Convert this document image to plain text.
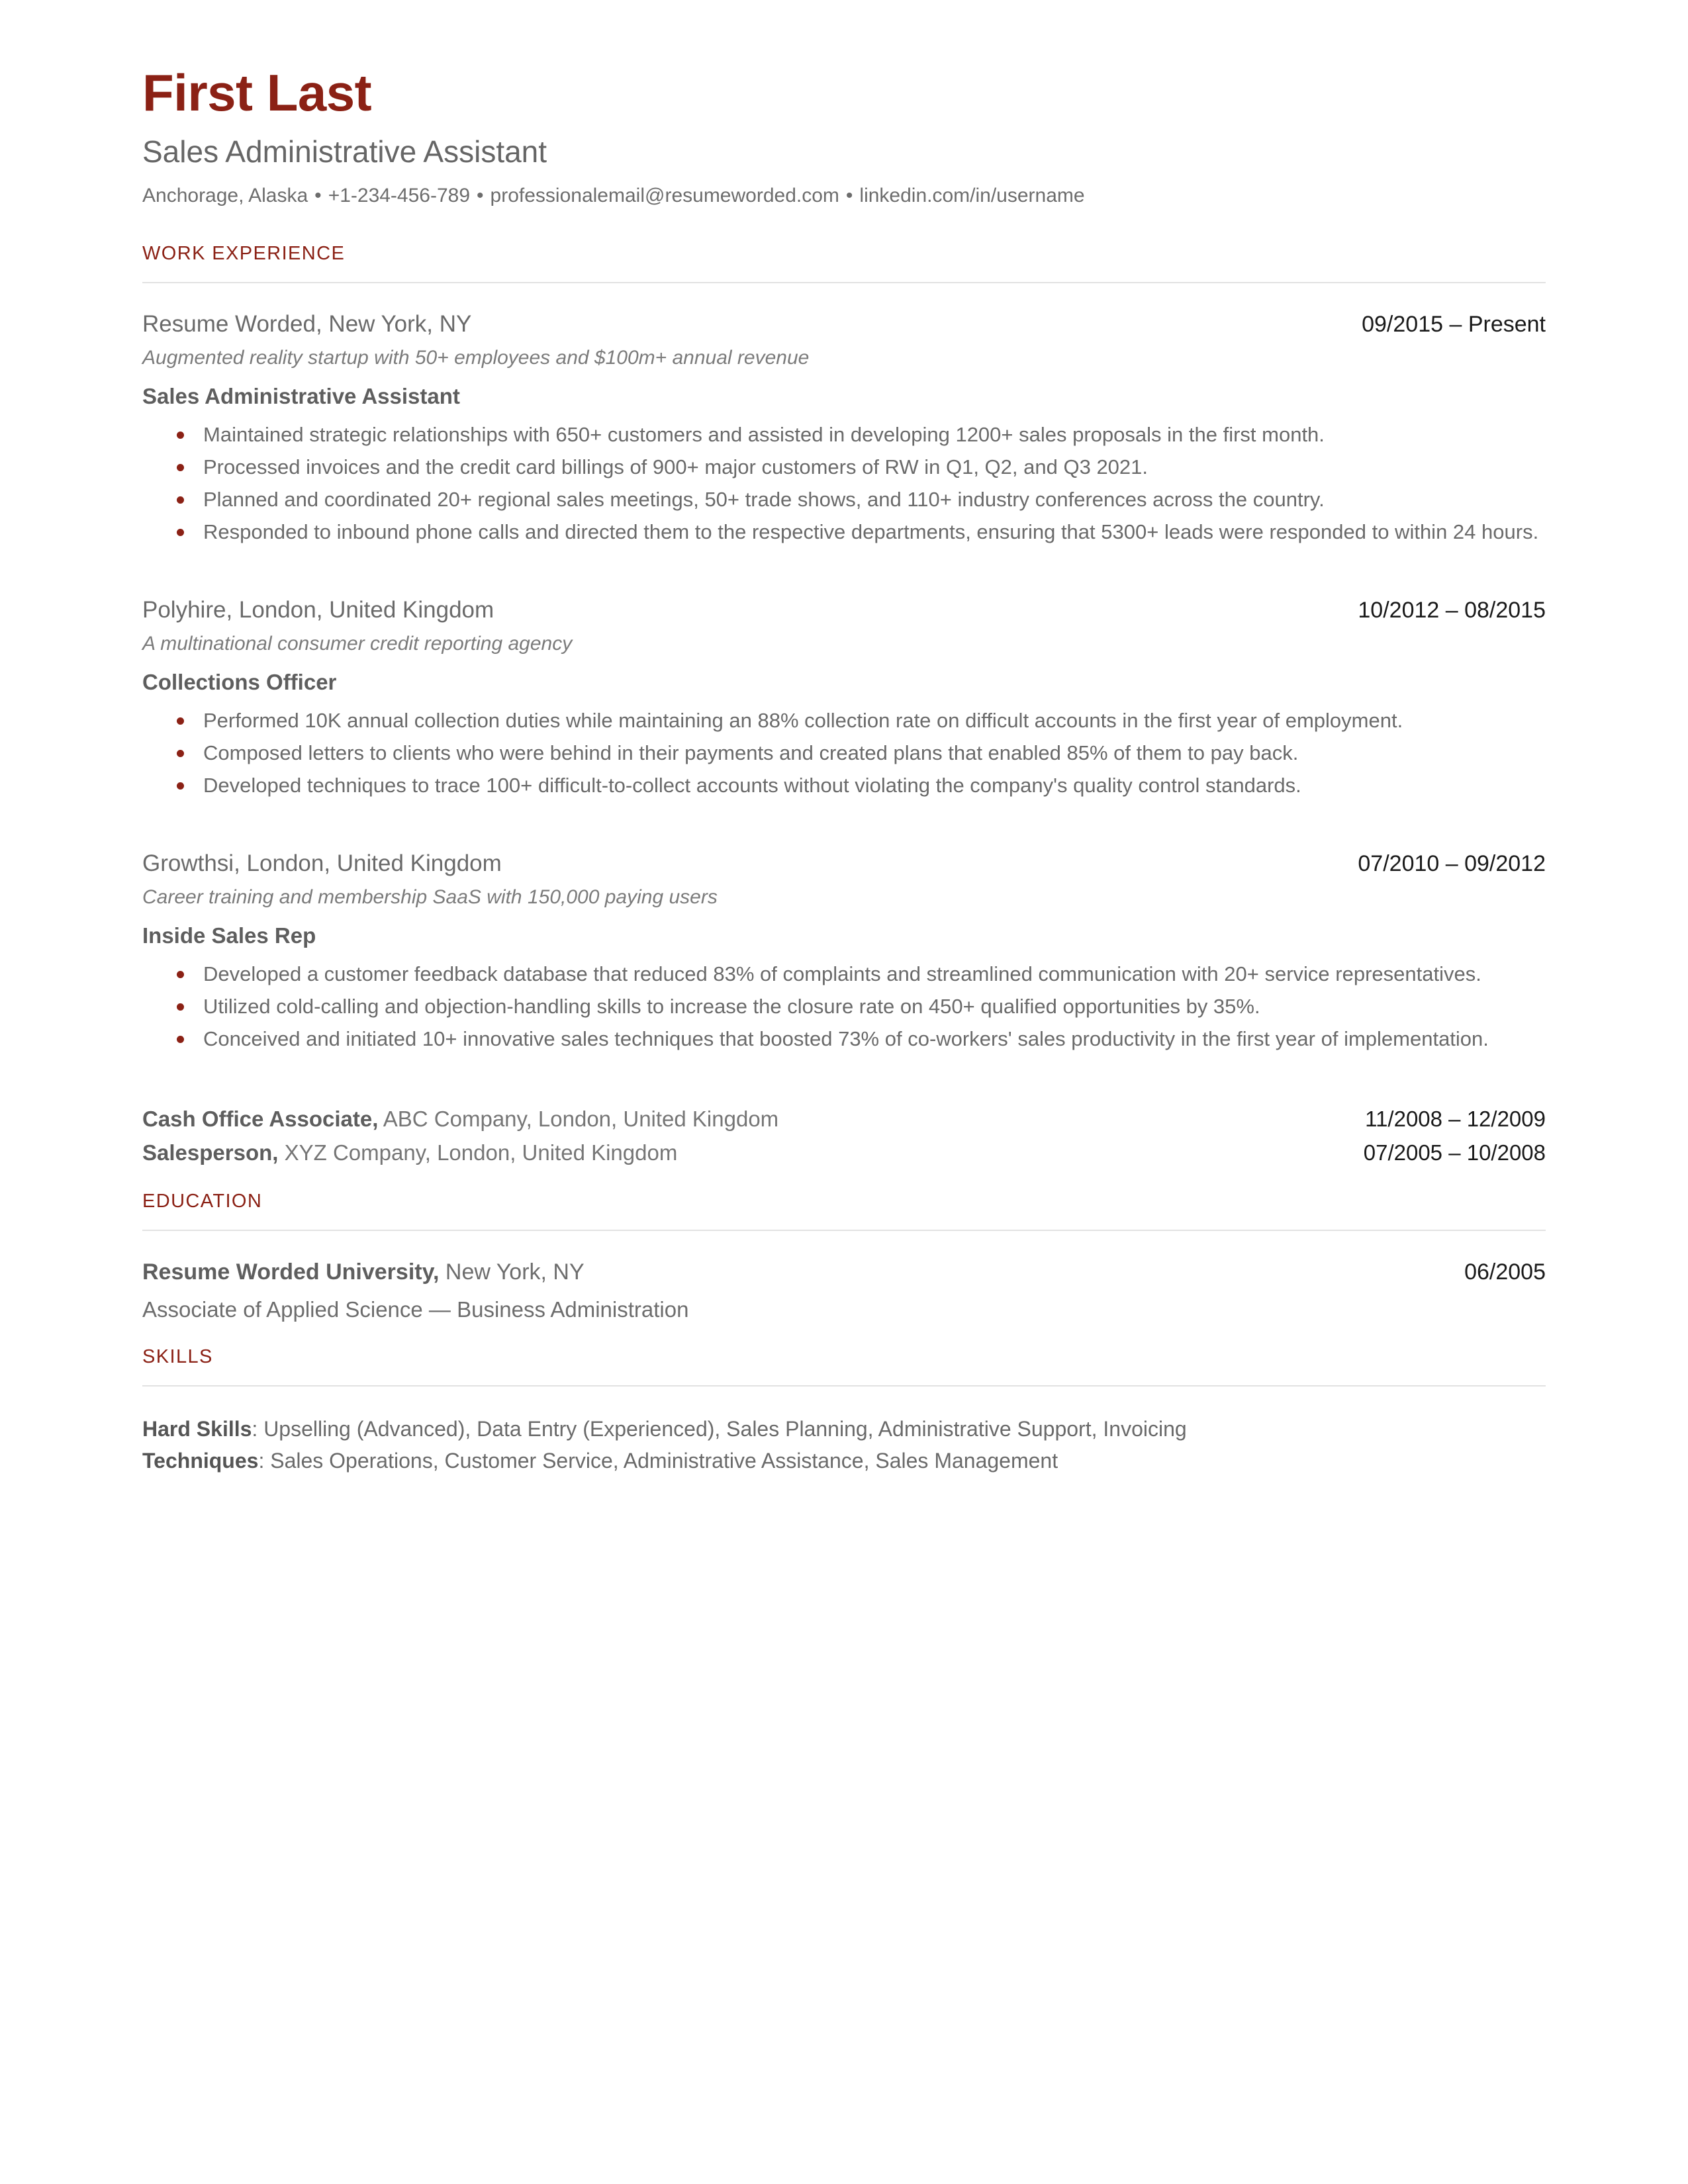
First Last
Sales Administrative Assistant
Anchorage, Alaska • +1-234-456-789 • professionalemail@resumeworded.com • linkedin.com/in/username
WORK EXPERIENCE
Resume Worded, New York, NY	09/2015 – Present
Augmented reality startup with 50+ employees and $100m+ annual revenue
Sales Administrative Assistant
Maintained strategic relationships with 650+ customers and assisted in developing 1200+ sales proposals in the first month.
Processed invoices and the credit card billings of 900+ major customers of RW in Q1, Q2, and Q3 2021.
Planned and coordinated 20+ regional sales meetings, 50+ trade shows, and 110+ industry conferences across the country.
Responded to inbound phone calls and directed them to the respective departments, ensuring that 5300+ leads were responded to within 24 hours.
Polyhire, London, United Kingdom	10/2012 – 08/2015
A multinational consumer credit reporting agency
Collections Officer
Performed 10K annual collection duties while maintaining an 88% collection rate on difficult accounts in the first year of employment.
Composed letters to clients who were behind in their payments and created plans that enabled 85% of them to pay back.
Developed techniques to trace 100+ difficult-to-collect accounts without violating the company's quality control standards.
Growthsi, London, United Kingdom	07/2010 – 09/2012
Career training and membership SaaS with 150,000 paying users
Inside Sales Rep
Developed a customer feedback database that reduced 83% of complaints and streamlined communication with 20+ service representatives.
Utilized cold-calling and objection-handling skills to increase the closure rate on 450+ qualified opportunities by 35%.
Conceived and initiated 10+ innovative sales techniques that boosted 73% of co-workers' sales productivity in the first year of implementation.
Cash Office Associate, ABC Company, London, United Kingdom	11/2008 – 12/2009
Salesperson, XYZ Company, London, United Kingdom	07/2005 – 10/2008
EDUCATION
Resume Worded University, New York, NY	06/2005
Associate of Applied Science — Business Administration
SKILLS
Hard Skills: Upselling (Advanced), Data Entry (Experienced), Sales Planning, Administrative Support, Invoicing
Techniques: Sales Operations, Customer Service, Administrative Assistance, Sales Management
